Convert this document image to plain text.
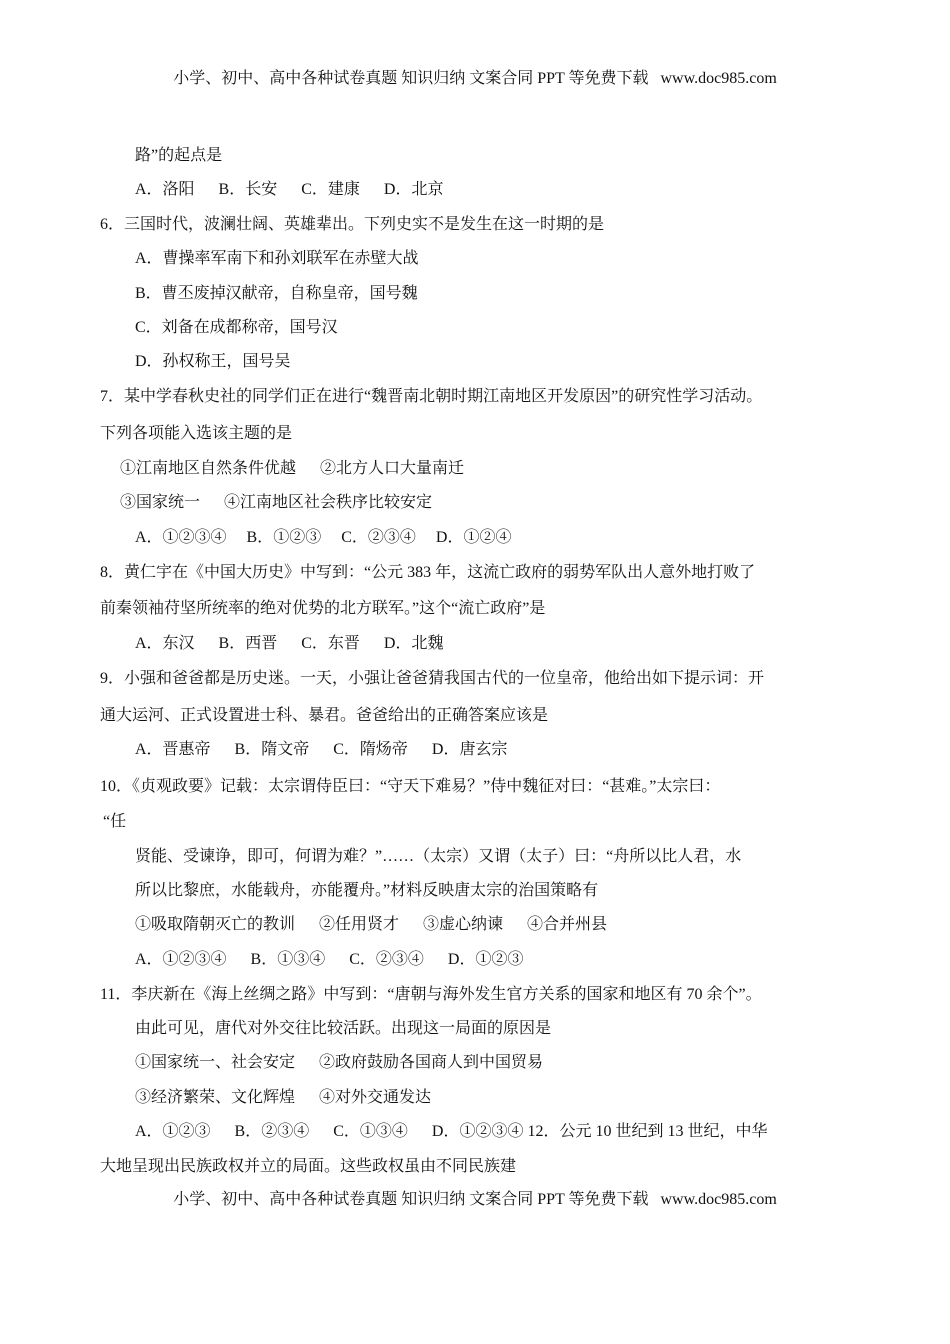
小学、初中、高中各种试卷真题 知识归纳 文案合同 PPT 等免费下载   www.doc985.com
路”的起点是
A．洛阳      B．长安      C．建康      D．北京
6．三国时代，波澜壮阔、英雄辈出。下列史实不是发生在这一时期的是
A．曹操率军南下和孙刘联军在赤壁大战
B．曹丕废掉汉献帝，自称皇帝，国号魏
C．刘备在成都称帝，国号汉
D．孙权称王，国号吴
7．某中学春秋史社的同学们正在进行“魏晋南北朝时期江南地区开发原因”的研究性学习活动。
下列各项能入选该主题的是
①江南地区自然条件优越      ②北方人口大量南迁
③国家统一      ④江南地区社会秩序比较安定
A．①②③④     B．①②③     C．②③④     D．①②④
8．黄仁宇在《中国大历史》中写到：“公元 383 年，这流亡政府的弱势军队出人意外地打败了
前秦领袖苻坚所统率的绝对优势的北方联军。”这个“流亡政府”是
A．东汉      B．西晋      C．东晋      D．北魏
9．小强和爸爸都是历史迷。一天，小强让爸爸猜我国古代的一位皇帝，他给出如下提示词：开
通大运河、正式设置进士科、暴君。爸爸给出的正确答案应该是
A．晋惠帝      B．隋文帝      C．隋炀帝      D．唐玄宗
10．《贞观政要》记载：太宗谓侍臣曰：“守天下难易？”侍中魏征对曰：“甚难。”太宗曰：
“任
贤能、受谏诤，即可，何谓为难？”……（太宗）又谓（太子）曰：“舟所以比人君，水
所以比黎庶，水能载舟，亦能覆舟。”材料反映唐太宗的治国策略有
①吸取隋朝灭亡的教训      ②任用贤才      ③虚心纳谏      ④合并州县
A．①②③④      B．①③④      C．②③④      D．①②③
11．李庆新在《海上丝绸之路》中写到：“唐朝与海外发生官方关系的国家和地区有 70 余个”。
由此可见，唐代对外交往比较活跃。出现这一局面的原因是
①国家统一、社会安定      ②政府鼓励各国商人到中国贸易
③经济繁荣、文化辉煌      ④对外交通发达
A．①②③      B．②③④      C．①③④      D．①②③④ 12．公元 10 世纪到 13 世纪，中华
大地呈现出民族政权并立的局面。这些政权虽由不同民族建
小学、初中、高中各种试卷真题 知识归纳 文案合同 PPT 等免费下载   www.doc985.com
